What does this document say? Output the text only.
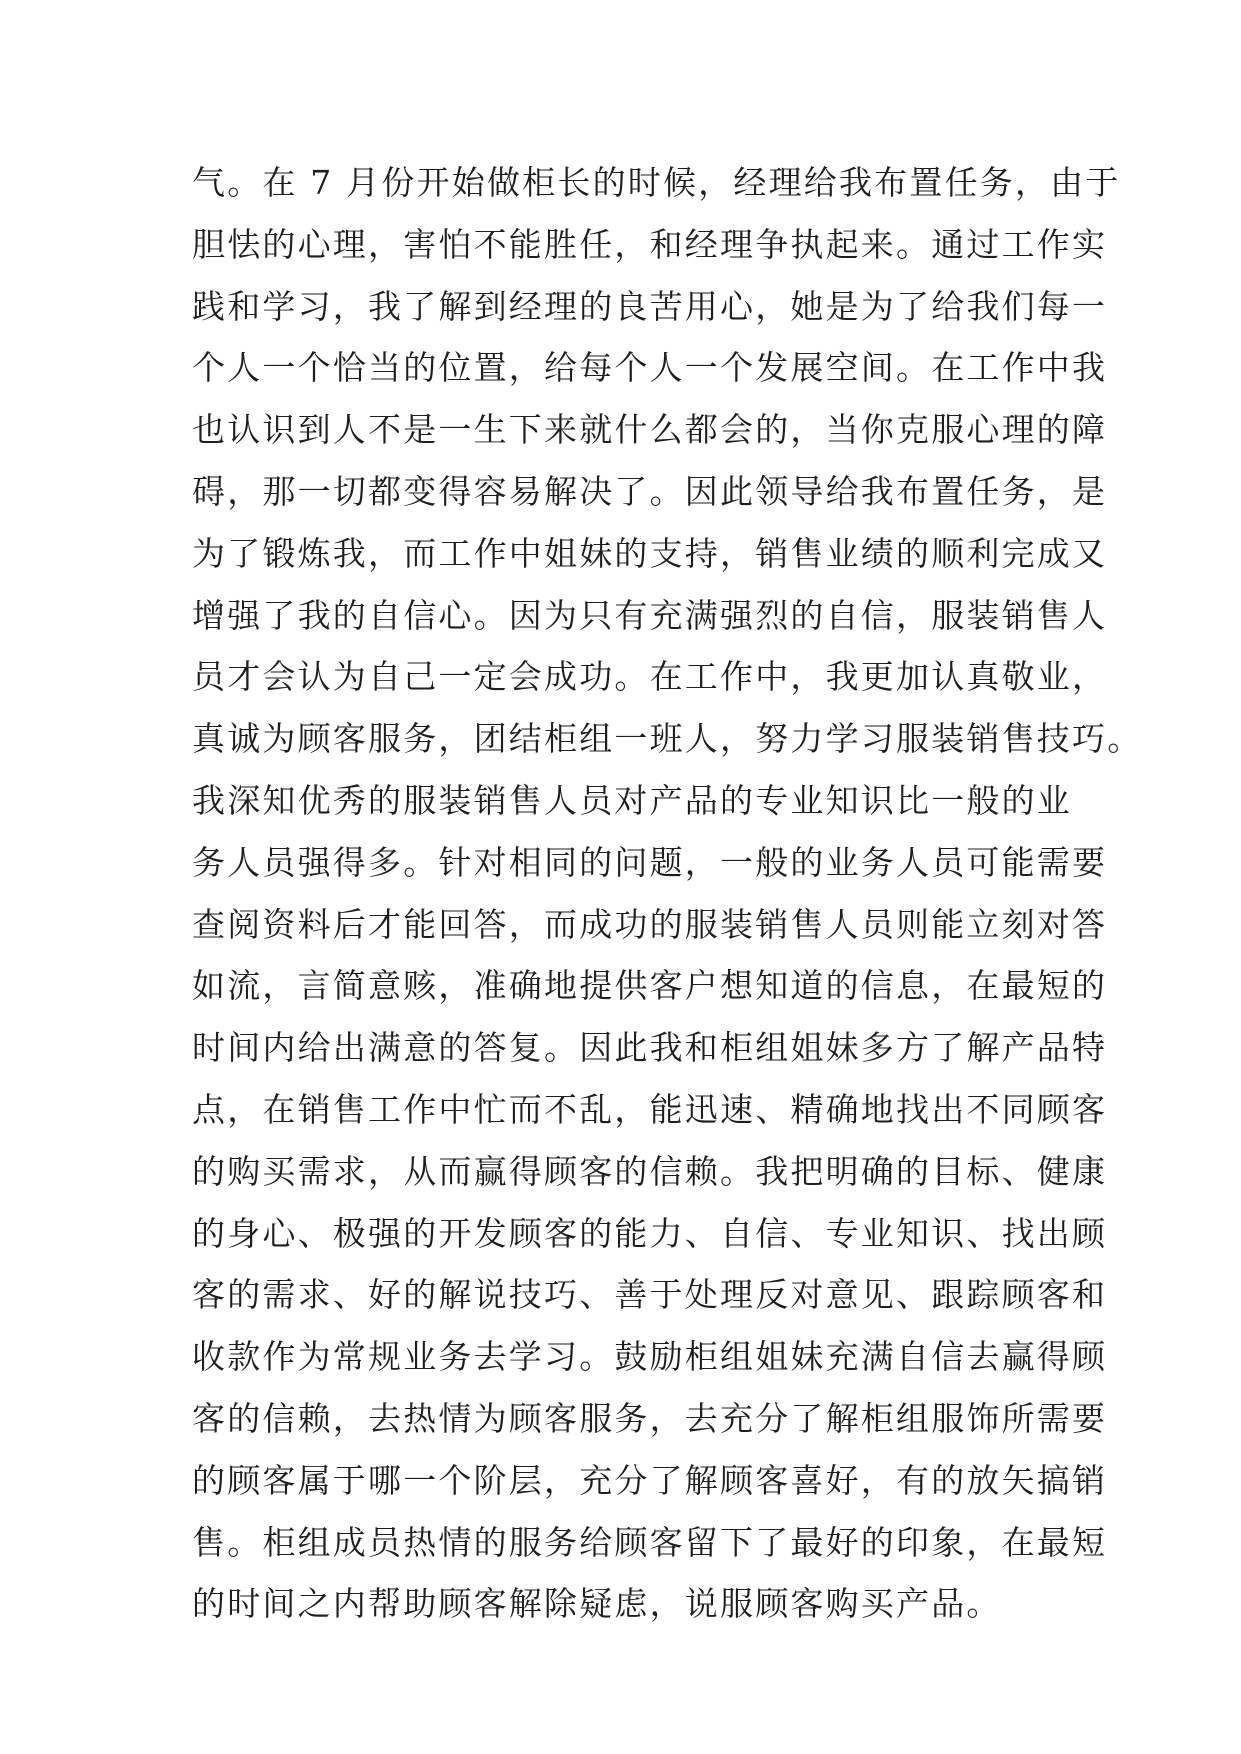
气。在 7 月份开始做柜长的时候，经理给我布置任务，由于
胆怯的心理，害怕不能胜任，和经理争执起来。通过工作实
践和学习，我了解到经理的良苦用心，她是为了给我们每一
个人一个恰当的位置，给每个人一个发展空间。在工作中我
也认识到人不是一生下来就什么都会的，当你克服心理的障
碍，那一切都变得容易解决了。因此领导给我布置任务，是
为了锻炼我，而工作中姐妹的支持，销售业绩的顺利完成又
增强了我的自信心。因为只有充满强烈的自信，服装销售人
员才会认为自己一定会成功。在工作中，我更加认真敬业，
真诚为顾客服务，团结柜组一班人，努力学习服装销售技巧。
我深知优秀的服装销售人员对产品的专业知识比一般的业
务人员强得多。针对相同的问题，一般的业务人员可能需要
查阅资料后才能回答，而成功的服装销售人员则能立刻对答
如流，言简意赅，准确地提供客户想知道的信息，在最短的
时间内给出满意的答复。因此我和柜组姐妹多方了解产品特
点，在销售工作中忙而不乱，能迅速、精确地找出不同顾客
的购买需求，从而赢得顾客的信赖。我把明确的目标、健康
的身心、极强的开发顾客的能力、自信、专业知识、找出顾
客的需求、好的解说技巧、善于处理反对意见、跟踪顾客和
收款作为常规业务去学习。鼓励柜组姐妹充满自信去赢得顾
客的信赖，去热情为顾客服务，去充分了解柜组服饰所需要
的顾客属于哪一个阶层，充分了解顾客喜好，有的放矢搞销
售。柜组成员热情的服务给顾客留下了最好的印象，在最短
的时间之内帮助顾客解除疑虑，说服顾客购买产品。
